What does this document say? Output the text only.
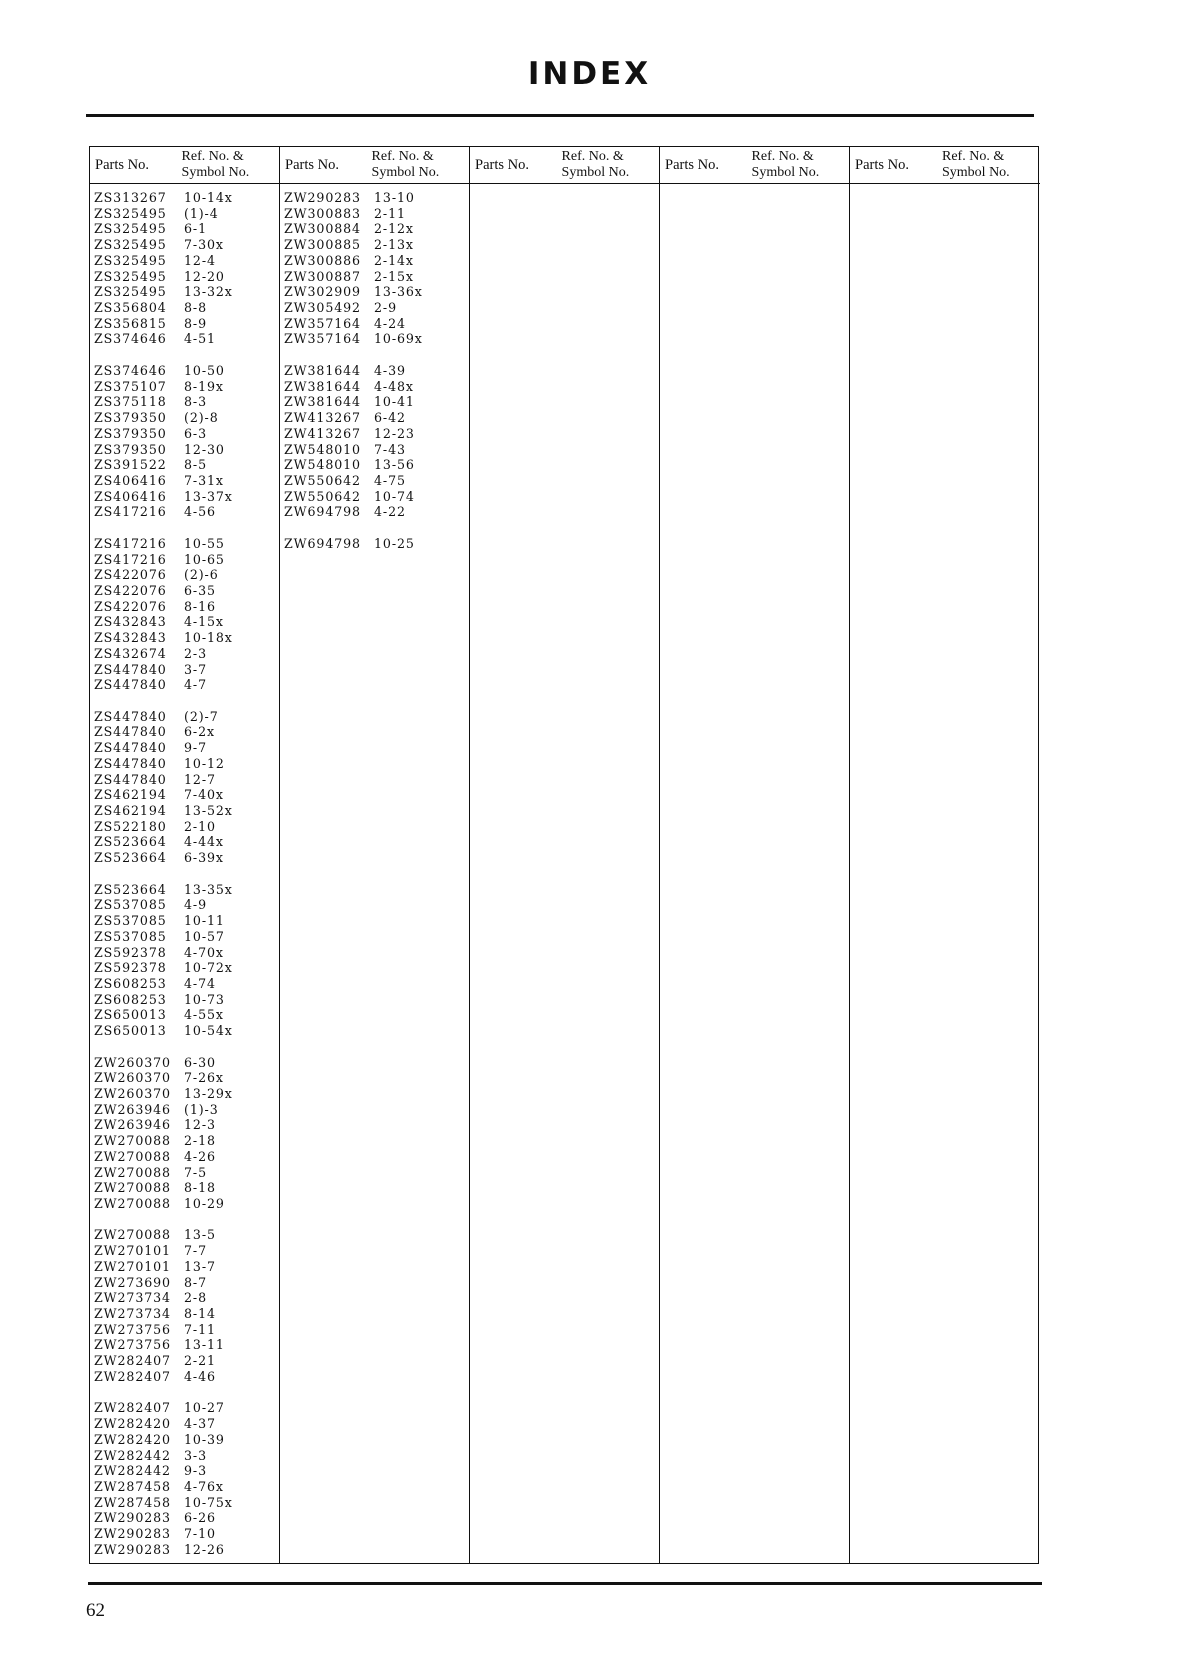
INDEX
Parts No.	Ref. No. &
Symbol No.
ZS313267	10-14x
ZS325495	(1)-4
ZS325495	6-1
ZS325495	7-30x
ZS325495	12-4
ZS325495	12-20
ZS325495	13-32x
ZS356804	8-8
ZS356815	8-9
ZS374646	4-51
ZS374646	10-50
ZS375107	8-19x
ZS375118	8-3
ZS379350	(2)-8
ZS379350	6-3
ZS379350	12-30
ZS391522	8-5
ZS406416	7-31x
ZS406416	13-37x
ZS417216	4-56
ZS417216	10-55
ZS417216	10-65
ZS422076	(2)-6
ZS422076	6-35
ZS422076	8-16
ZS432843	4-15x
ZS432843	10-18x
ZS432674	2-3
ZS447840	3-7
ZS447840	4-7
ZS447840	(2)-7
ZS447840	6-2x
ZS447840	9-7
ZS447840	10-12
ZS447840	12-7
ZS462194	7-40x
ZS462194	13-52x
ZS522180	2-10
ZS523664	4-44x
ZS523664	6-39x
ZS523664	13-35x
ZS537085	4-9
ZS537085	10-11
ZS537085	10-57
ZS592378	4-70x
ZS592378	10-72x
ZS608253	4-74
ZS608253	10-73
ZS650013	4-55x
ZS650013	10-54x
ZW260370	6-30
ZW260370	7-26x
ZW260370	13-29x
ZW263946	(1)-3
ZW263946	12-3
ZW270088	2-18
ZW270088	4-26
ZW270088	7-5
ZW270088	8-18
ZW270088	10-29
ZW270088	13-5
ZW270101	7-7
ZW270101	13-7
ZW273690	8-7
ZW273734	2-8
ZW273734	8-14
ZW273756	7-11
ZW273756	13-11
ZW282407	2-21
ZW282407	4-46
ZW282407	10-27
ZW282420	4-37
ZW282420	10-39
ZW282442	3-3
ZW282442	9-3
ZW287458	4-76x
ZW287458	10-75x
ZW290283	6-26
ZW290283	7-10
ZW290283	12-26
Parts No.	Ref. No. &
Symbol No.
ZW290283	13-10
ZW300883	2-11
ZW300884	2-12x
ZW300885	2-13x
ZW300886	2-14x
ZW300887	2-15x
ZW302909	13-36x
ZW305492	2-9
ZW357164	4-24
ZW357164	10-69x
ZW381644	4-39
ZW381644	4-48x
ZW381644	10-41
ZW413267	6-42
ZW413267	12-23
ZW548010	7-43
ZW548010	13-56
ZW550642	4-75
ZW550642	10-74
ZW694798	4-22
ZW694798	10-25
Parts No.	Ref. No. &
Symbol No.	Parts No.	Ref. No. &
Symbol No.	Parts No.	Ref. No. &
Symbol No.
62
